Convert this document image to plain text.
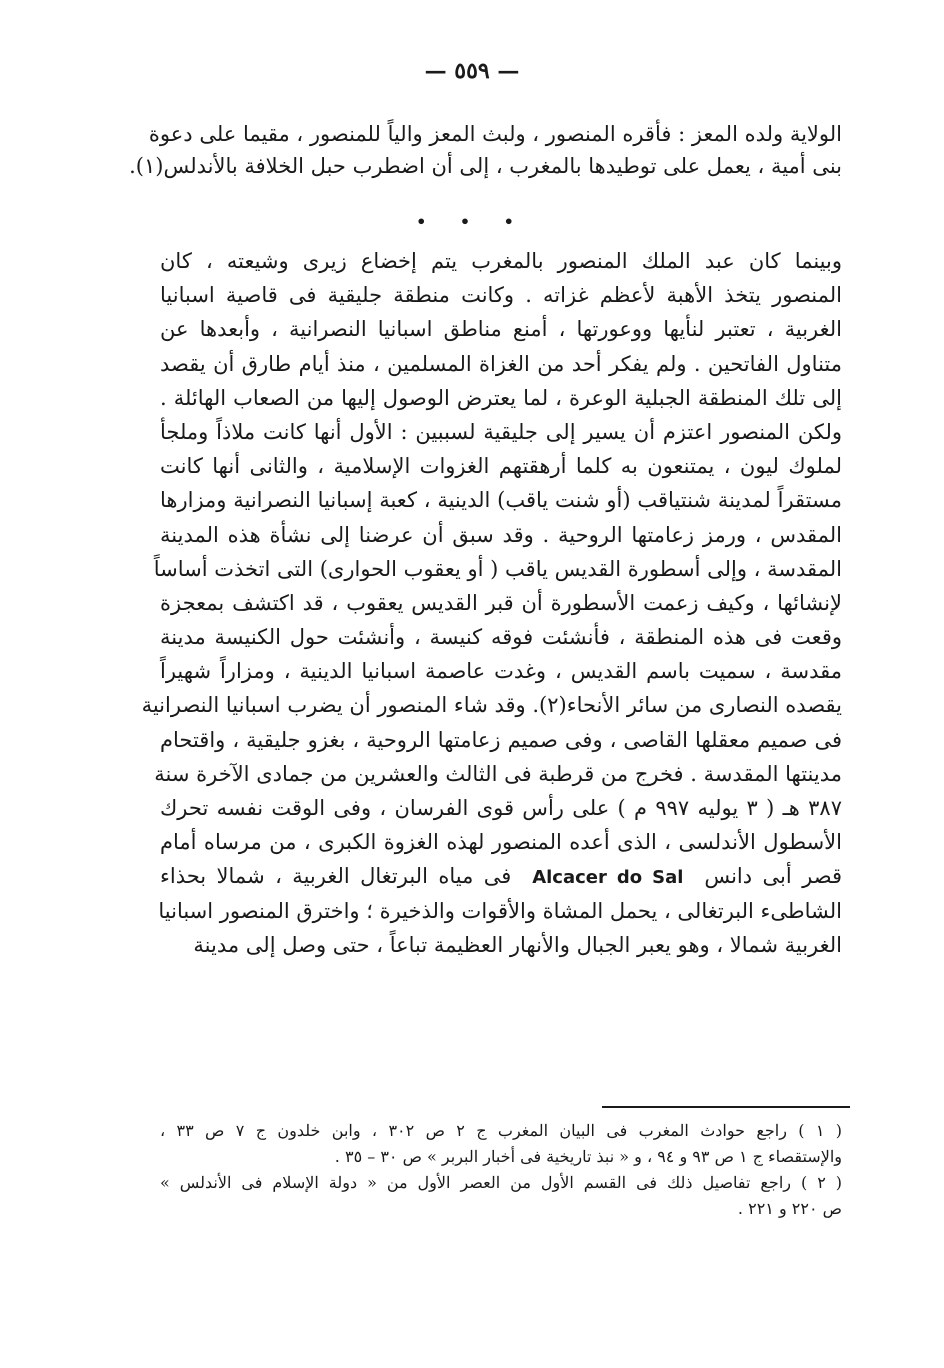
— ٥٥٩ —
الولاية ولده المعز : فأقره المنصور ، ولبث المعز والياً للمنصور ، مقيما على دعوة
بنى أمية ، يعمل على توطيدها بالمغرب ، إلى أن اضطرب حبل الخلافة بالأندلس(١).
• • •
وبينما كان عبد الملك المنصور بالمغرب يتم إخضاع زيرى وشيعته ، كان
المنصور يتخذ الأهبة لأعظم غزاته . وكانت منطقة جليقية فى قاصية اسبانيا
الغربية ، تعتبر لنأيها ووعورتها ، أمنع مناطق اسبانيا النصرانية ، وأبعدها عن
متناول الفاتحين . ولم يفكر أحد من الغزاة المسلمين ، منذ أيام طارق أن يقصد
إلى تلك المنطقة الجبلية الوعرة ، لما يعترض الوصول إليها من الصعاب الهائلة .
ولكن المنصور اعتزم أن يسير إلى جليقية لسببين : الأول أنها كانت ملاذاً وملجأ
لملوك ليون ، يمتنعون به كلما أرهقتهم الغزوات الإسلامية ، والثانى أنها كانت
مستقراً لمدينة شنتياقب (أو شنت ياقب) الدينية ، كعبة إسبانيا النصرانية ومزارها
المقدس ، ورمز زعامتها الروحية . وقد سبق أن عرضنا إلى نشأة هذه المدينة
المقدسة ، وإلى أسطورة القديس ياقب ( أو يعقوب الحوارى) التى اتخذت أساساً
لإنشائها ، وكيف زعمت الأسطورة أن قبر القديس يعقوب ، قد اكتشف بمعجزة
وقعت فى هذه المنطقة ، فأنشئت فوقه كنيسة ، وأنشئت حول الكنيسة مدينة
مقدسة ، سميت باسم القديس ، وغدت عاصمة اسبانيا الدينية ، ومزاراً شهيراً
يقصده النصارى من سائر الأنحاء(٢). وقد شاء المنصور أن يضرب اسبانيا النصرانية
فى صميم معقلها القاصى ، وفى صميم زعامتها الروحية ، بغزو جليقية ، واقتحام
مدينتها المقدسة . فخرج من قرطبة فى الثالث والعشرين من جمادى الآخرة سنة
٣٨٧ هـ ( ٣ يوليه ٩٩٧ م ) على رأس قوى الفرسان ، وفى الوقت نفسه تحرك
الأسطول الأندلسى ، الذى أعده المنصور لهذه الغزوة الكبرى ، من مرساه أمام
قصر أبى دانس  Alcacer do Sal  فى مياه البرتغال الغربية ، شمالا بحذاء
الشاطىء البرتغالى ، يحمل المشاة والأقوات والذخيرة ؛ واخترق المنصور اسبانيا
الغربية شمالا ، وهو يعبر الجبال والأنهار العظيمة تباعاً ، حتى وصل إلى مدينة
( ١ ) راجع حوادث المغرب فى البيان المغرب ج ٢ ص ٣٠٢ ، وابن خلدون ج ٧ ص ٣٣ ،
والإستقصاء ج ١ ص ٩٣ و ٩٤ ، و « نبذ تاريخية فى أخبار البربر » ص ٣٠ – ٣٥ .
( ٢ ) راجع تفاصيل ذلك فى القسم الأول من العصر الأول من « دولة الإسلام فى الأندلس »
ص ٢٢٠ و ٢٢١ .
